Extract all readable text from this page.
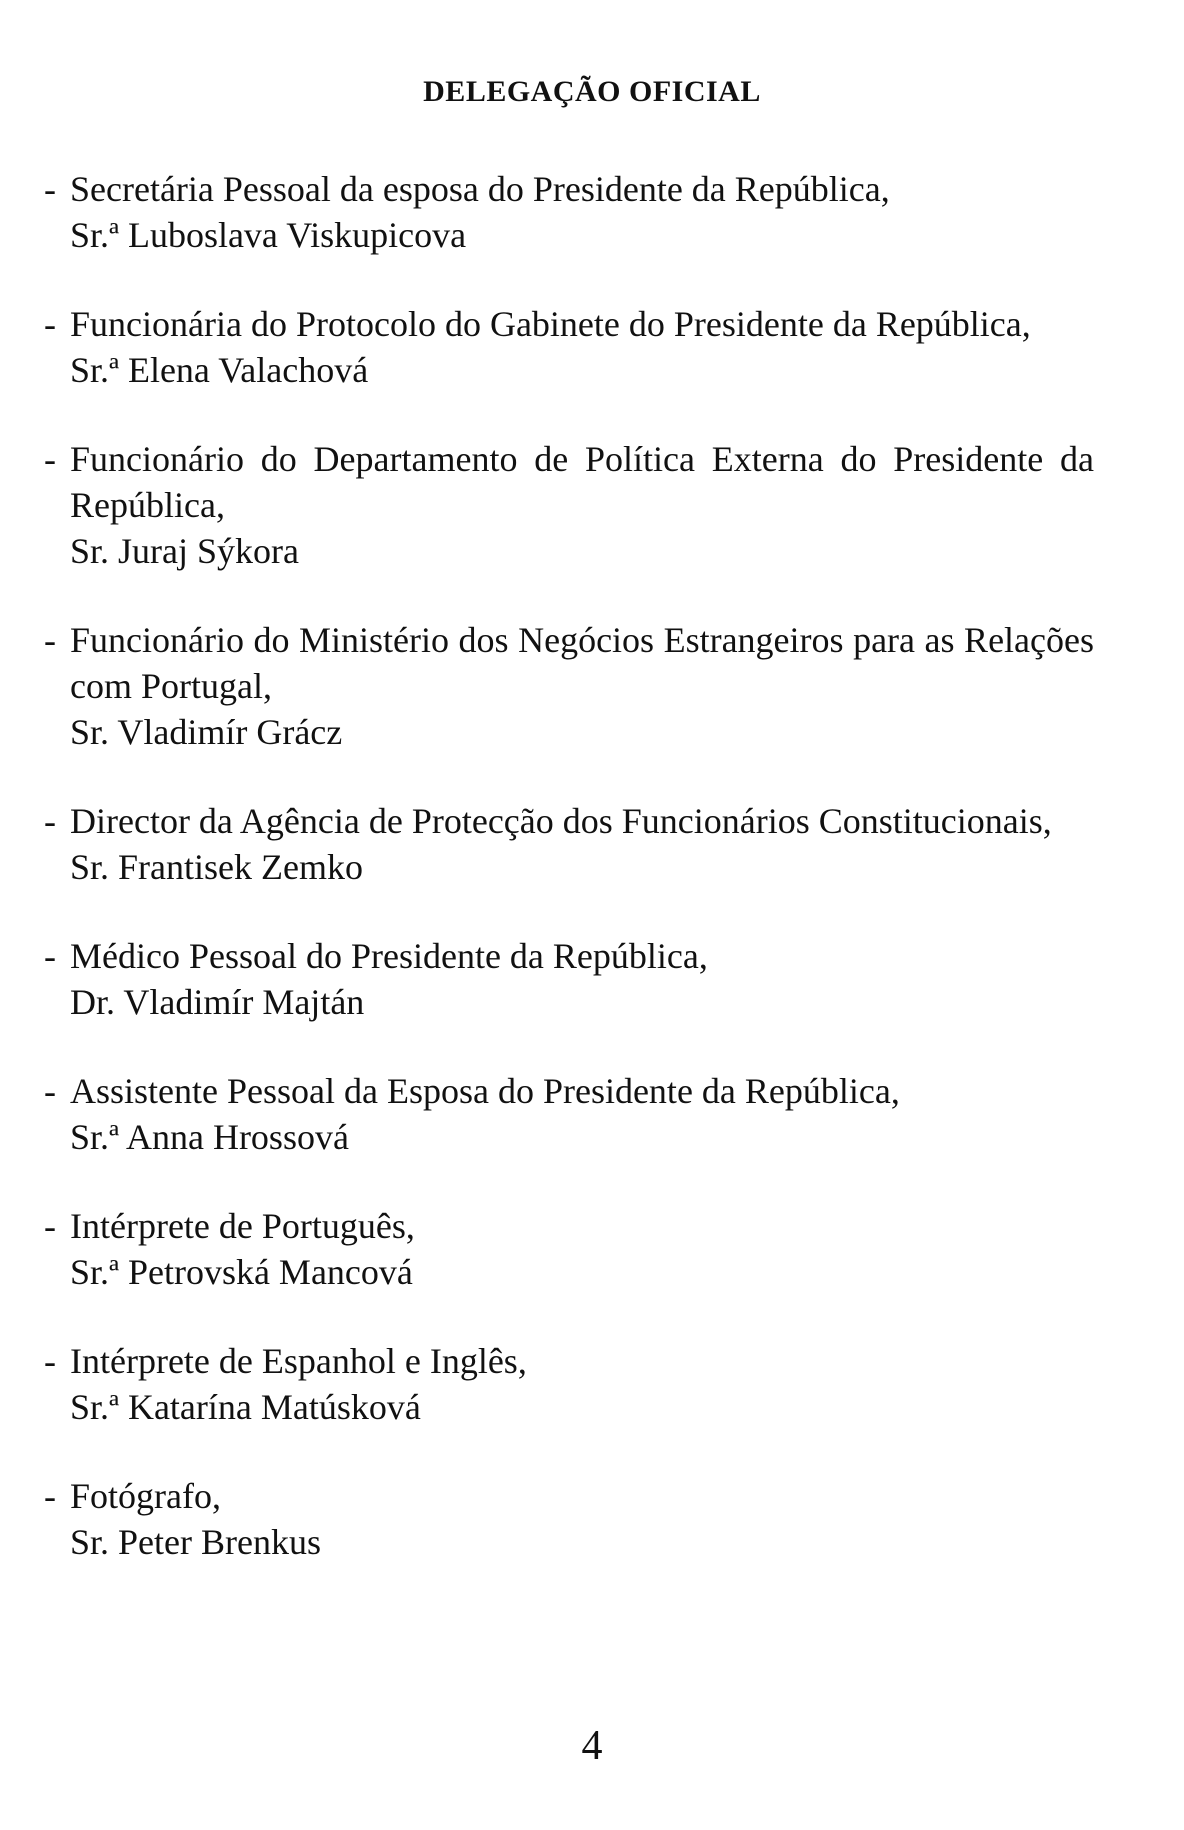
DELEGAÇÃO OFICIAL
- Secretária Pessoal da esposa do Presidente da República,
Sr.ª Luboslava Viskupicova
- Funcionária do Protocolo do Gabinete do Presidente da República,
Sr.ª Elena Valachová
- Funcionário do Departamento de Política Externa do Presidente da República,
Sr. Juraj Sýkora
- Funcionário do Ministério dos Negócios Estrangeiros para as Relações com Portugal,
Sr. Vladimír Grácz
- Director da Agência de Protecção dos Funcionários Constitucionais,
Sr. Frantisek Zemko
- Médico Pessoal do Presidente da República,
Dr. Vladimír Majtán
- Assistente Pessoal da Esposa do Presidente da República,
Sr.ª Anna Hrossová
- Intérprete de Português,
Sr.ª Petrovská Mancová
- Intérprete de Espanhol e Inglês,
Sr.ª Katarína Matúsková
- Fotógrafo,
Sr. Peter Brenkus
4
